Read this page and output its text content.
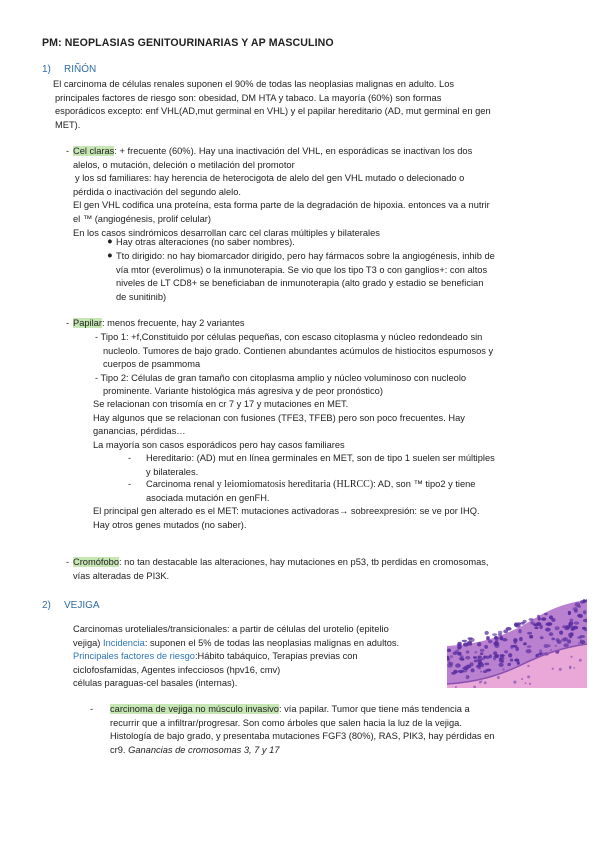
PM: NEOPLASIAS GENITOURINARIAS Y AP MASCULINO
1) RIÑÓN
El carcinoma de células renales suponen el 90% de todas las neoplasias malignas en adulto. Los
principales factores de riesgo son: obesidad, DM HTA y tabaco. La mayoría (60%) son formas
esporádicos excepto: enf VHL(AD,mut germinal en VHL) y el papilar hereditario (AD, mut germinal en gen
MET).
- Cel claras: + frecuente (60%). Hay una inactivación del VHL, en esporádicas se inactivan los dos
alelos, o mutación, deleción o metilación del promotor
y los sd familiares: hay herencia de heterocigota de alelo del gen VHL mutado o delecionado o
pérdida o inactivación del segundo alelo.
El gen VHL codifica una proteína, esta forma parte de la degradación de hipoxia. entonces va a nutrir
el ™ (angiogénesis, prolif celular)
En los casos sindrómicos desarrollan carc cel claras múltiples y bilaterales
● Hay otras alteraciones (no saber nombres).
● Tto dirigido: no hay biomarcador dirigido, pero hay fármacos sobre la angiogénesis, inhib de
vía mtor (everolimus) o la inmunoterapia. Se vio que los tipo T3 o con ganglios+: con altos
niveles de LT CD8+ se beneficiaban de inmunoterapia (alto grado y estadio se benefician
de sunitinib)
- Papilar: menos frecuente, hay 2 variantes
- Tipo 1: +f,Constituido por células pequeñas, con escaso citoplasma y núcleo redondeado sin
nucleolo. Tumores de bajo grado. Contienen abundantes acúmulos de histiocitos espumosos y
cuerpos de psammoma
- Tipo 2: Células de gran tamaño con citoplasma amplio y núcleo voluminoso con nucleolo
prominente. Variante histológica más agresiva y de peor pronóstico)
Se relacionan con trisomía en cr 7 y 17 y mutaciones en MET.
Hay algunos que se relacionan con fusiones (TFE3, TFEB) pero son poco frecuentes. Hay
ganancias, pérdidas…
La mayoría son casos esporádicos pero hay casos familiares
- Hereditario: (AD) mut en línea germinales en MET, son de tipo 1 suelen ser múltiples
y bilaterales.
- Carcinoma renal y leiomiomatosis hereditaria (HLRCC): AD, son ™ tipo2 y tiene
asociada mutación en genFH.
El principal gen alterado es el MET: mutaciones activadoras→ sobreexpresión: se ve por IHQ.
Hay otros genes mutados (no saber).
- Cromófobo: no tan destacable las alteraciones, hay mutaciones en p53, tb perdidas en cromosomas,
vías alteradas de PI3K.
2) VEJIGA
Carcinomas uroteliales/transicionales: a partir de células del urotelio (epitelio
vejiga) Incidencia: suponen el 5% de todas las neoplasias malignas en adultos.
Principales factores de riesgo:Hábito tabáquico, Terapias previas con
ciclofosfamidas, Agentes infecciosos (hpv16, cmv)
células paraguas-cel basales (internas).
- carcinoma de vejiga no músculo invasivo: vía papilar. Tumor que tiene más tendencia a
recurrir que a infiltrar/progresar. Son como árboles que salen hacia la luz de la vejiga.
Histología de bajo grado, y presentaba mutaciones FGF3 (80%), RAS, PIK3, hay pérdidas en
cr9. Ganancias de cromosomas 3, 7 y 17
